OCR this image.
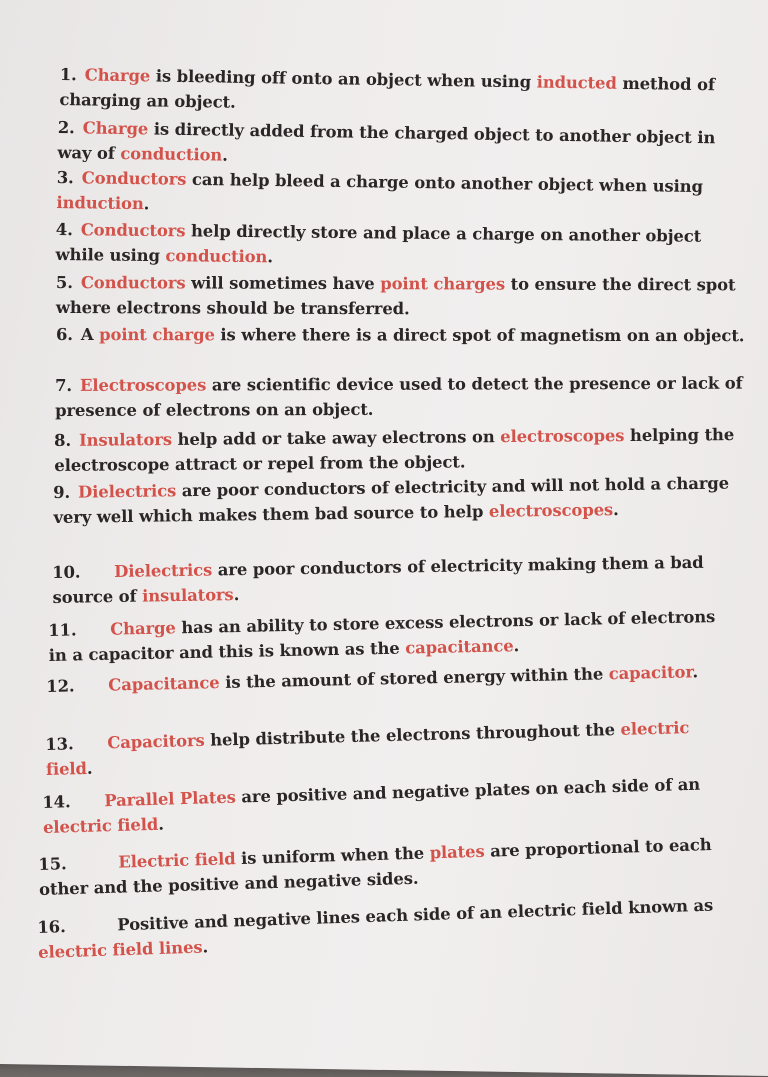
1. Charge is bleeding off onto an object when using inducted method of charging an object.

2. Charge is directly added from the charged object to another object in way of conduction.

3. Conductors can help bleed a charge onto another object when using induction.

4. Conductors help directly store and place a charge on another object while using conduction.

5. Conductors will sometimes have point charges to ensure the direct spot where electrons should be transferred.

6. A point charge is where there is a direct spot of magnetism on an object.

7. Electroscopes are scientific device used to detect the presence or lack of presence of electrons on an object.

8. Insulators help add or take away electrons on electroscopes helping the electroscope attract or repel from the object.

9. Dielectrics are poor conductors of electricity and will not hold a charge very well which makes them bad source to help electroscopes.

10. Dielectrics are poor conductors of electricity making them a bad source of insulators.

11. Charge has an ability to store excess electrons or lack of electrons in a capacitor and this is known as the capacitance.

12. Capacitance is the amount of stored energy within the capacitor.

13. Capacitors help distribute the electrons throughout the electric field.

14. Parallel Plates are positive and negative plates on each side of an electric field.

15.	Electric field is uniform when the plates are proportional to each other and the positive and negative sides.

16.	Positive and negative lines each side of an electric field known as electric field lines.
